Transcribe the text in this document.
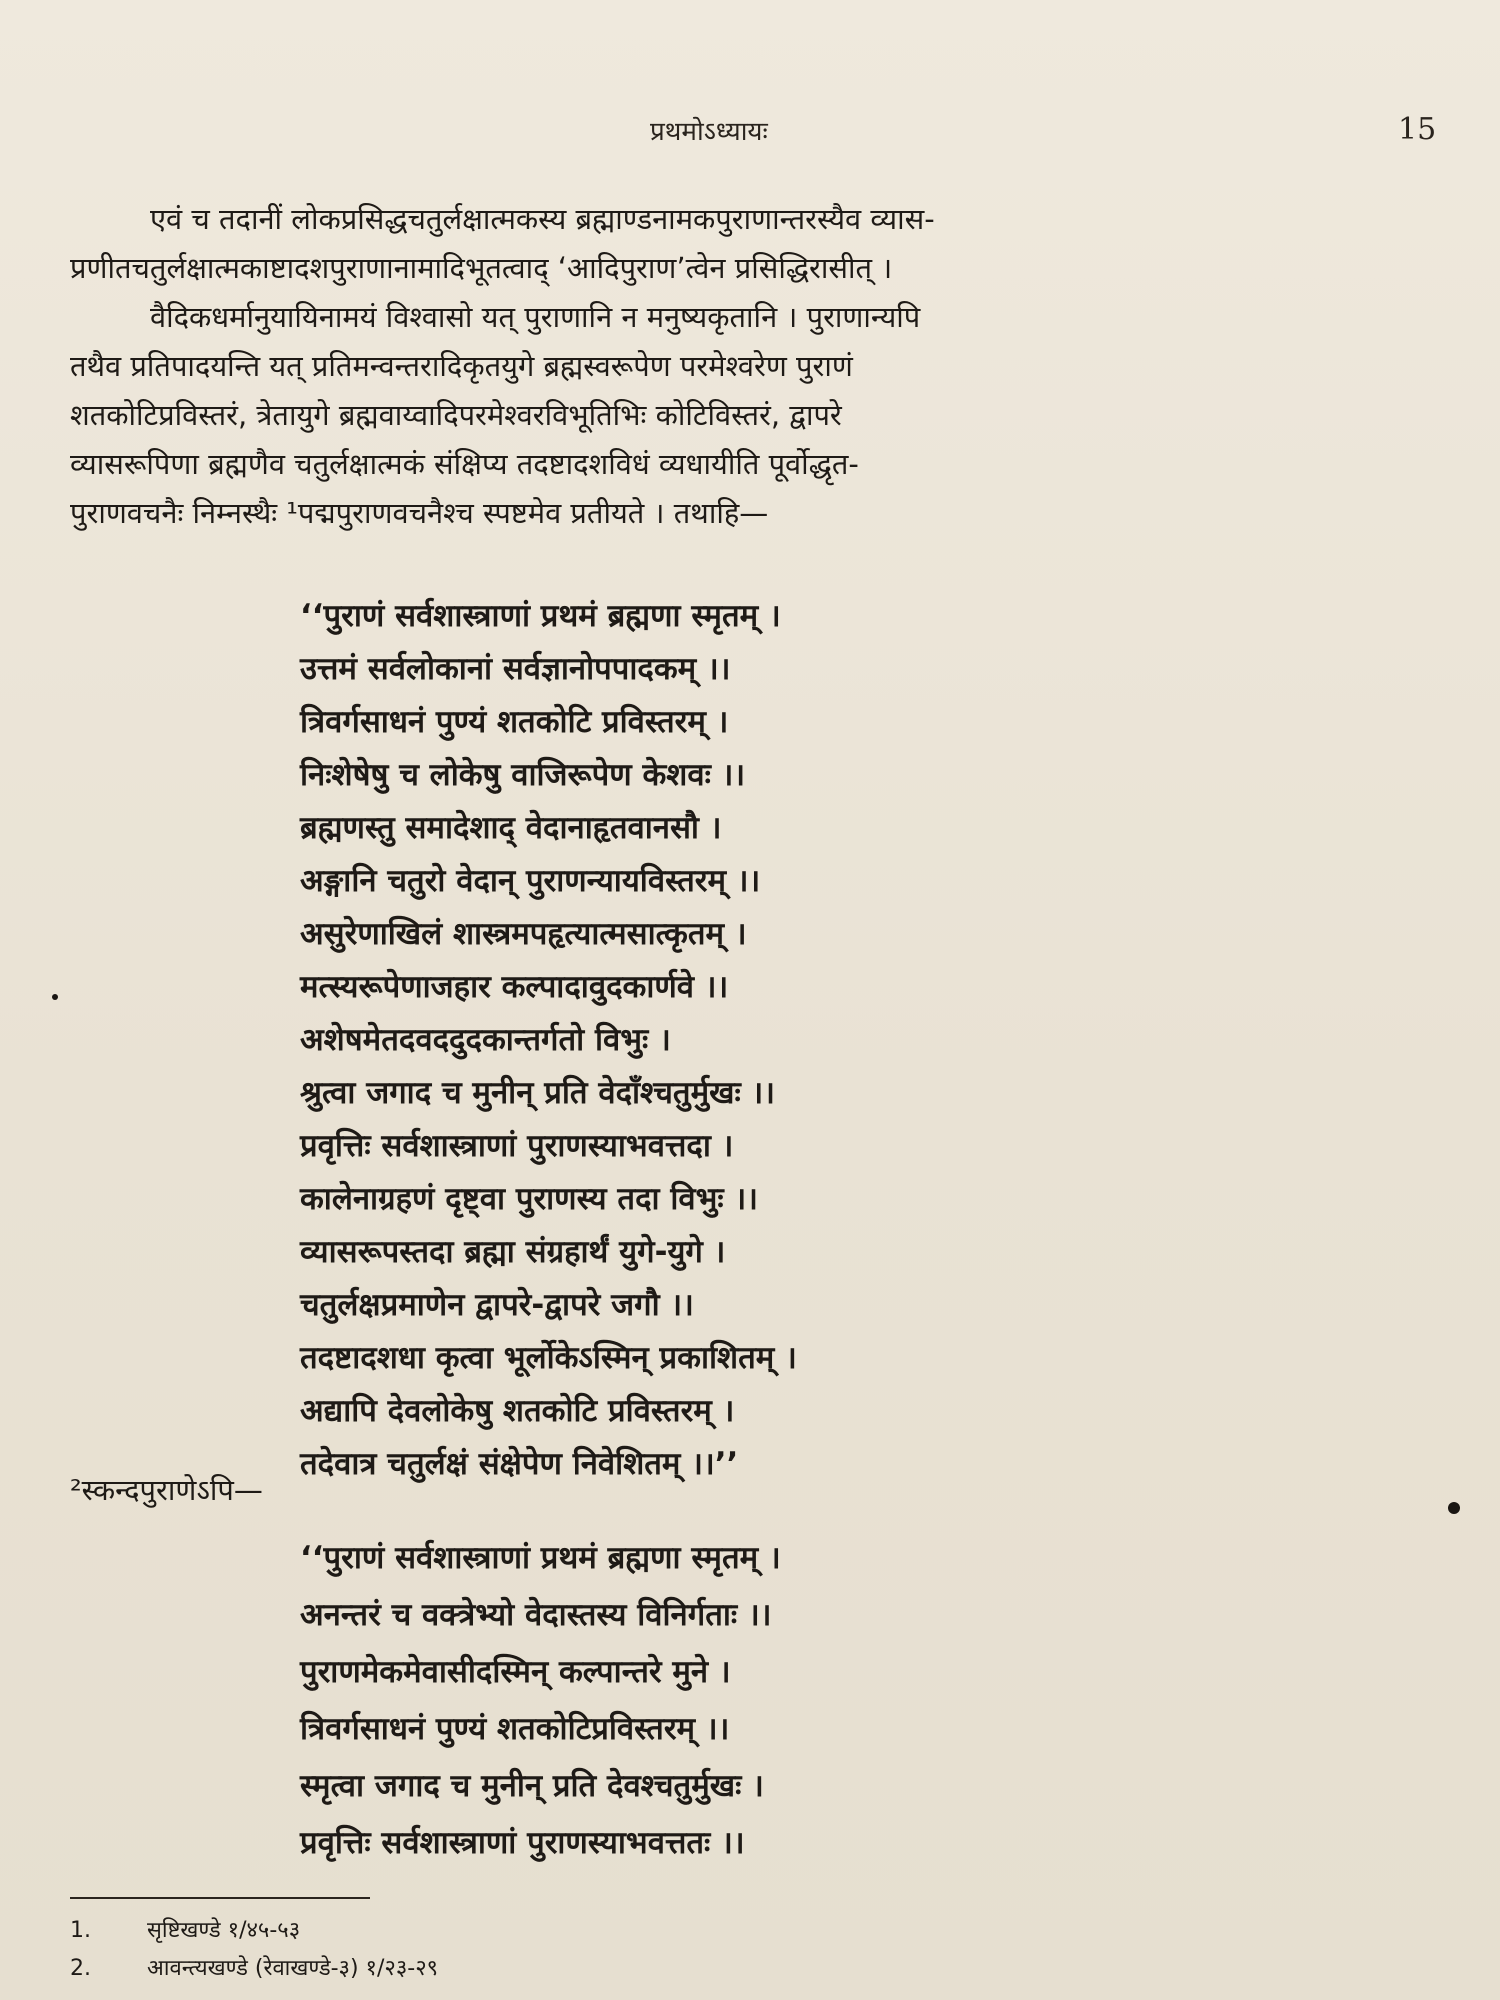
प्रथमोऽध्यायः	15
एवं च तदानीं लोकप्रसिद्धचतुर्लक्षात्मकस्य ब्रह्माण्डनामकपुराणान्तरस्यैव व्यास-
प्रणीतचतुर्लक्षात्मकाष्टादशपुराणानामादिभूतत्वाद् ‘आदिपुराण’त्वेन प्रसिद्धिरासीत् ।
वैदिकधर्मानुयायिनामयं विश्वासो यत् पुराणानि न मनुष्यकृतानि । पुराणान्यपि
तथैव प्रतिपादयन्ति यत् प्रतिमन्वन्तरादिकृतयुगे ब्रह्मस्वरूपेण परमेश्वरेण पुराणं
शतकोटिप्रविस्तरं, त्रेतायुगे ब्रह्मवाय्वादिपरमेश्वरविभूतिभिः कोटिविस्तरं, द्वापरे
व्यासरूपिणा ब्रह्मणैव चतुर्लक्षात्मकं संक्षिप्य तदष्टादशविधं व्यधायीति पूर्वोद्धृत-
पुराणवचनैः निम्नस्थैः ¹पद्मपुराणवचनैश्च स्पष्टमेव प्रतीयते । तथाहि—
‘‘पुराणं सर्वशास्त्राणां प्रथमं ब्रह्मणा स्मृतम् ।
उत्तमं सर्वलोकानां सर्वज्ञानोपपादकम् ।।
त्रिवर्गसाधनं पुण्यं शतकोटि प्रविस्तरम् ।
निःशेषेषु च लोकेषु वाजिरूपेण केशवः ।।
ब्रह्मणस्तु समादेशाद् वेदानाहृतवानसौ ।
अङ्गानि चतुरो वेदान् पुराणन्यायविस्तरम् ।।
असुरेणाखिलं शास्त्रमपहृत्यात्मसात्कृतम् ।
मत्स्यरूपेणाजहार कल्पादावुदकार्णवे ।।
अशेषमेतदवददुदकान्तर्गतो विभुः ।
श्रुत्वा जगाद च मुनीन् प्रति वेदाँश्चतुर्मुखः ।।
प्रवृत्तिः सर्वशास्त्राणां पुराणस्याभवत्तदा ।
कालेनाग्रहणं दृष्ट्वा पुराणस्य तदा विभुः ।।
व्यासरूपस्तदा ब्रह्मा संग्रहार्थं युगे-युगे ।
चतुर्लक्षप्रमाणेन द्वापरे-द्वापरे जगौ ।।
तदष्टादशधा कृत्वा भूर्लोकेऽस्मिन् प्रकाशितम् ।
अद्यापि देवलोकेषु शतकोटि प्रविस्तरम् ।
तदेवात्र चतुर्लक्षं संक्षेपेण निवेशितम् ।।’’
²स्कन्दपुराणेऽपि—
‘‘पुराणं सर्वशास्त्राणां प्रथमं ब्रह्मणा स्मृतम् ।
अनन्तरं च वक्त्रेभ्यो वेदास्तस्य विनिर्गताः ।।
पुराणमेकमेवासीदस्मिन् कल्पान्तरे मुने ।
त्रिवर्गसाधनं पुण्यं शतकोटिप्रविस्तरम् ।।
स्मृत्वा जगाद च मुनीन् प्रति देवश्चतुर्मुखः ।
प्रवृत्तिः सर्वशास्त्राणां पुराणस्याभवत्ततः ।।
1.	सृष्टिखण्डे १/४५-५३
2.	आवन्त्यखण्डे (रेवाखण्डे-३) १/२३-२९
